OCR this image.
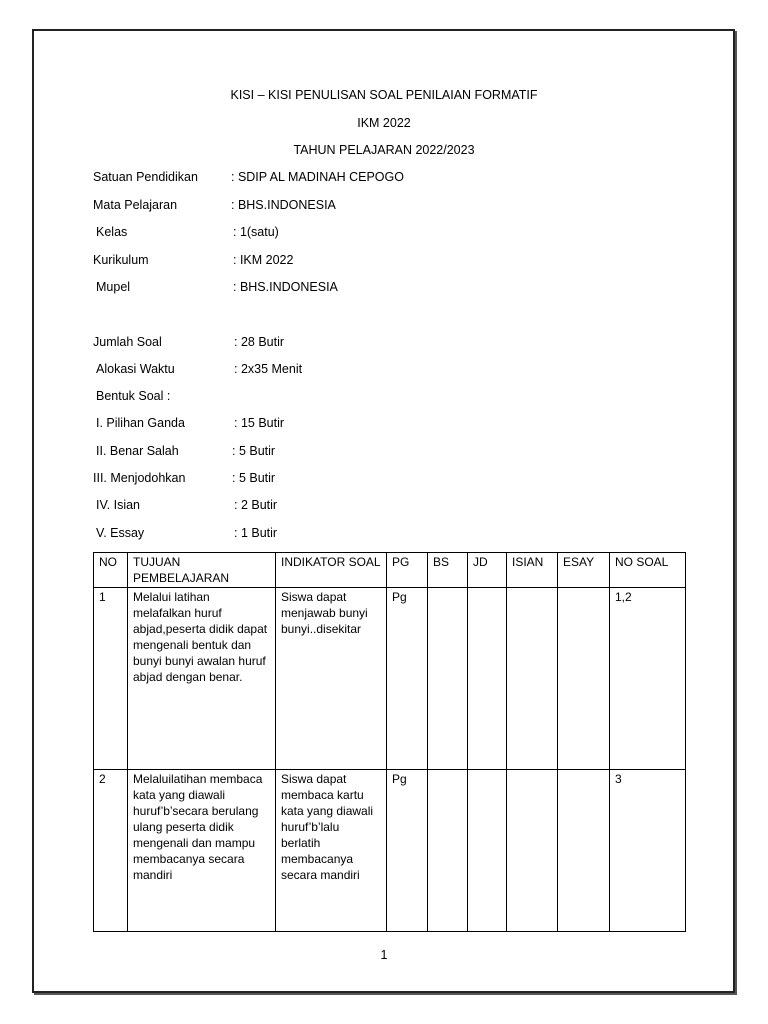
KISI – KISI PENULISAN SOAL PENILAIAN FORMATIF
IKM 2022
TAHUN PELAJARAN 2022/2023
Satuan Pendidikan	: SDIP AL MADINAH CEPOGO
Mata Pelajaran	: BHS.INDONESIA
Kelas	: 1(satu)
Kurikulum	: IKM 2022
Mupel	: BHS.INDONESIA
Jumlah Soal	: 28 Butir
Alokasi Waktu	: 2x35 Menit
Bentuk Soal :
I. Pilihan Ganda	: 15 Butir
II. Benar Salah	: 5 Butir
III. Menjodohkan	: 5 Butir
IV. Isian	: 2 Butir
V. Essay	: 1 Butir
NO	TUJUAN PEMBELAJARAN	INDIKATOR SOAL	PG	BS	JD	ISIAN	ESAY	NO SOAL
1	Melalui latihan melafalkan huruf abjad,peserta didik dapat mengenali bentuk dan bunyi bunyi awalan huruf abjad dengan benar.	Siswa dapat menjawab bunyi bunyi..disekitar	Pg					1,2
2	Melaluilatihan membaca kata yang diawali huruf’b’secara berulang ulang peserta didik mengenali dan mampu membacanya secara mandiri	Siswa dapat membaca kartu kata yang diawali huruf’b’lalu berlatih membacanya secara mandiri	Pg					3
1
